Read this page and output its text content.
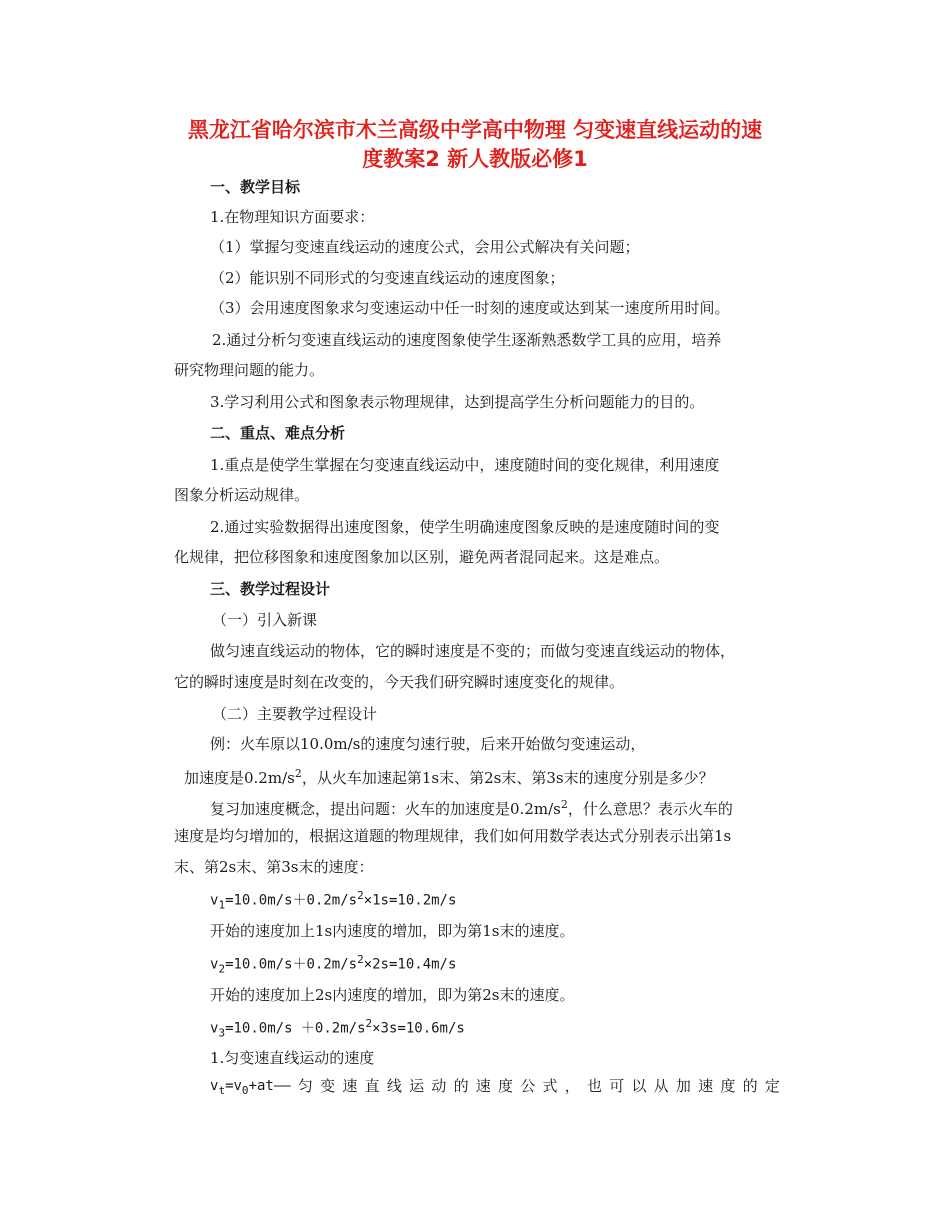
黑龙江省哈尔滨市木兰高级中学高中物理 匀变速直线运动的速
度教案2 新人教版必修1
一、教学目标
1.在物理知识方面要求：
（1）掌握匀变速直线运动的速度公式，会用公式解决有关问题；
（2）能识别不同形式的匀变速直线运动的速度图象；
（3）会用速度图象求匀变速运动中任一时刻的速度或达到某一速度所用时间。
2.通过分析匀变速直线运动的速度图象使学生逐渐熟悉数学工具的应用，培养
研究物理问题的能力。
3.学习利用公式和图象表示物理规律，达到提高学生分析问题能力的目的。
二、重点、难点分析
1.重点是使学生掌握在匀变速直线运动中，速度随时间的变化规律，利用速度
图象分析运动规律。
2.通过实验数据得出速度图象，使学生明确速度图象反映的是速度随时间的变
化规律，把位移图象和速度图象加以区别，避免两者混同起来。这是难点。
三、教学过程设计
（一）引入新课
做匀速直线运动的物体，它的瞬时速度是不变的；而做匀变速直线运动的物体，
它的瞬时速度是时刻在改变的，今天我们研究瞬时速度变化的规律。
（二）主要教学过程设计
例：火车原以10.0m/s的速度匀速行驶，后来开始做匀变速运动，
加速度是$0.2m/s^2$，从火车加速起第1s末、第2s末、第3s末的速度分别是多少？
复习加速度概念，提出问题：火车的加速度是$0.2m/s^2$，什么意思？表示火车的
速度是均匀增加的，根据这道题的物理规律，我们如何用数学表达式分别表示出第1s
末、第2s末、第3s末的速度：
$v_1=10.0m/s+0.2m/s^2\times 1s=10.2m/s$
开始的速度加上1s内速度的增加，即为第1s末的速度。
$v_2=10.0m/s+0.2m/s^2\times 2s=10.4m/s$
开始的速度加上2s内速度的增加，即为第2s末的速度。
$v_3=10.0m/s +0.2m/s^2\times 3s=10.6m/s$
1.匀变速直线运动的速度
$v_t=v_0+at——$ 匀 变 速 直 线 运 动 的 速 度 公 式 ， 也 可 以 从 加 速 度 的 定
